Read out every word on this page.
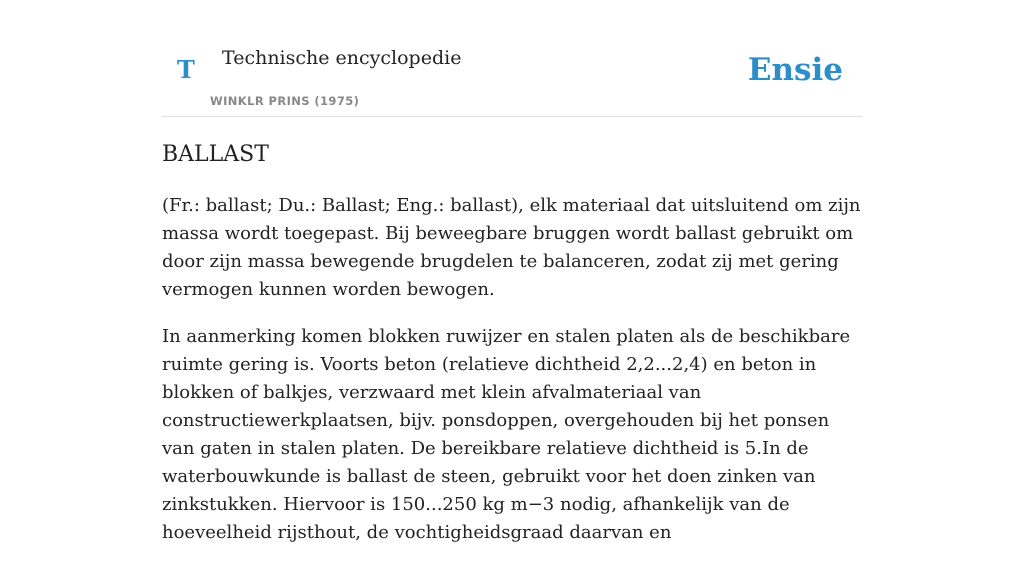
T Technische encyclopedie
WINKLR PRINS (1975)
Ensie
BALLAST

(Fr.: ballast; Du.: Ballast; Eng.: ballast), elk materiaal dat uitsluitend om zijn massa wordt toegepast. Bij beweegbare bruggen wordt ballast gebruikt om door zijn massa bewegende brugdelen te balanceren, zodat zij met gering vermogen kunnen worden bewogen.

In aanmerking komen blokken ruwijzer en stalen platen als de beschikbare ruimte gering is. Voorts beton (relatieve dichtheid 2,2...2,4) en beton in blokken of balkjes, verzwaard met klein afvalmateriaal van constructiewerkplaatsen, bijv. ponsdoppen, overgehouden bij het ponsen van gaten in stalen platen. De bereikbare relatieve dichtheid is 5.In de waterbouwkunde is ballast de steen, gebruikt voor het doen zinken van zinkstukken. Hiervoor is 150...250 kg m−3 nodig, afhankelijk van de hoeveelheid rijsthout, de vochtigheidsgraad daarvan en
